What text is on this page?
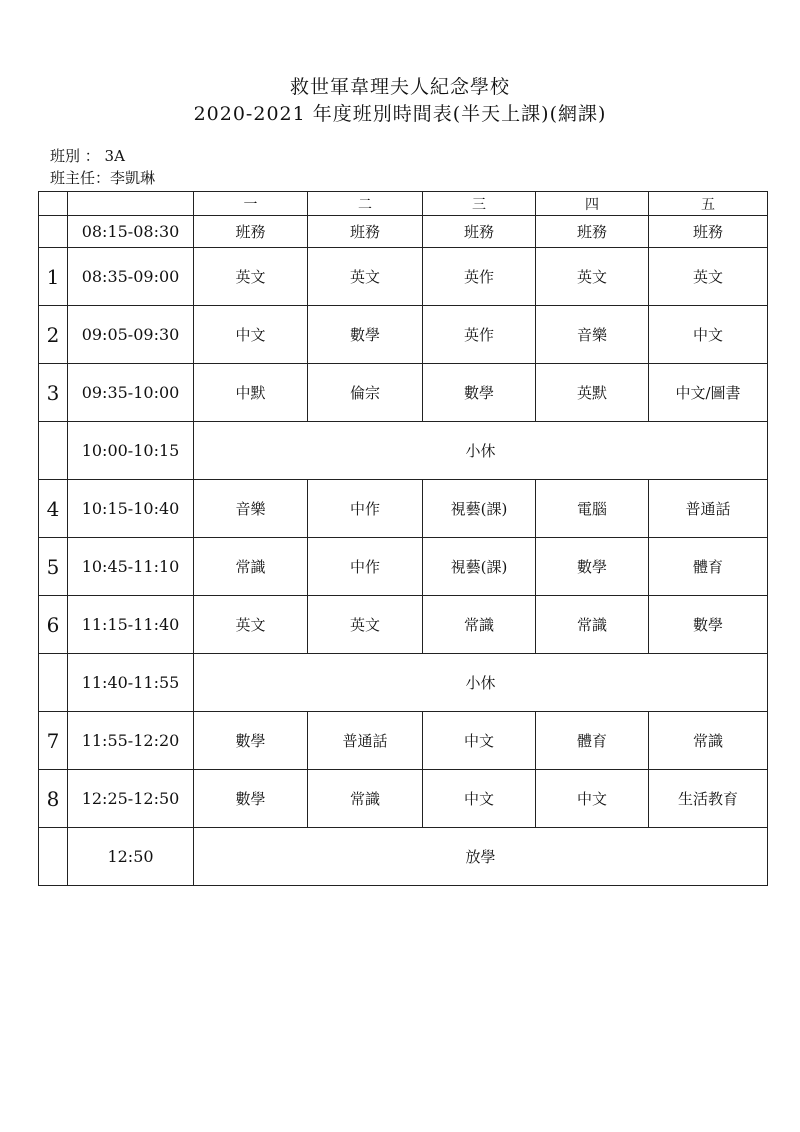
救世軍韋理夫人紀念學校
2020-2021 年度班別時間表(半天上課)(網課)
班別 ： 3A
班主任：李凱琳
		一	二	三	四	五
	08:15-08:30	班務	班務	班務	班務	班務
1	08:35-09:00	英文	英文	英作	英文	英文
2	09:05-09:30	中文	數學	英作	音樂	中文
3	09:35-10:00	中默	倫宗	數學	英默	中文/圖書
	10:00-10:15	小休				
4	10:15-10:40	音樂	中作	視藝(課)	電腦	普通話
5	10:45-11:10	常識	中作	視藝(課)	數學	體育
6	11:15-11:40	英文	英文	常識	常識	數學
	11:40-11:55	小休				
7	11:55-12:20	數學	普通話	中文	體育	常識
8	12:25-12:50	數學	常識	中文	中文	生活教育
	12:50	放學				
